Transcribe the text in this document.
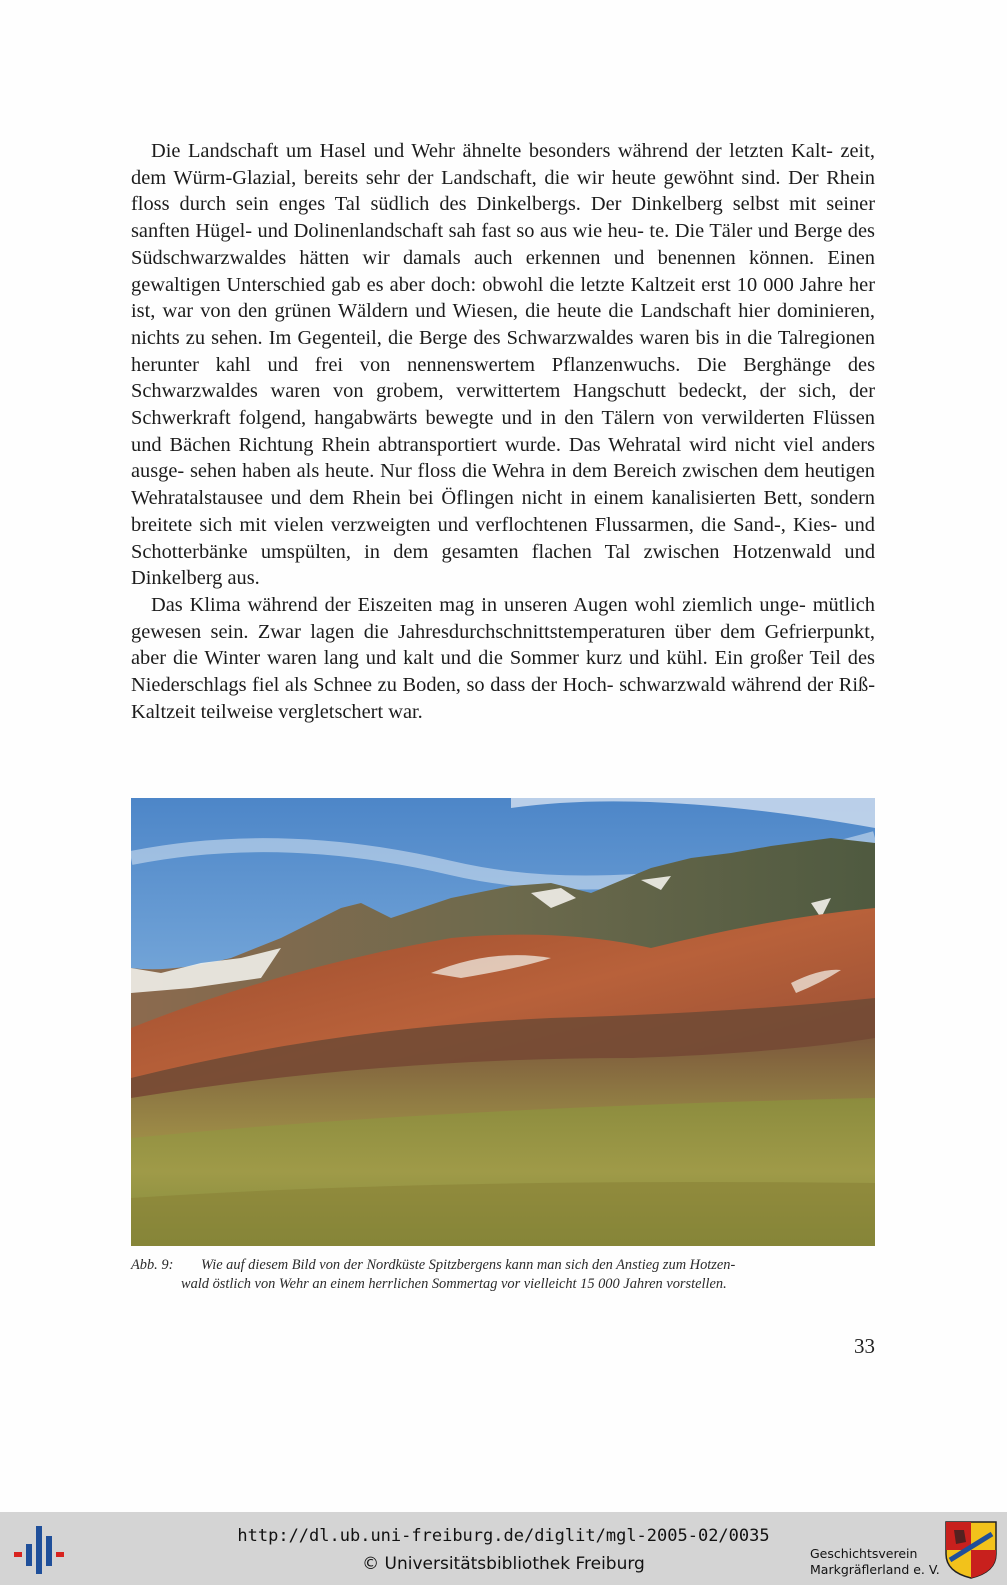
Die Landschaft um Hasel und Wehr ähnelte besonders während der letzten Kalt- zeit, dem Würm-Glazial, bereits sehr der Landschaft, die wir heute gewöhnt sind. Der Rhein floss durch sein enges Tal südlich des Dinkelbergs. Der Dinkelberg selbst mit seiner sanften Hügel- und Dolinenlandschaft sah fast so aus wie heu- te. Die Täler und Berge des Südschwarzwaldes hätten wir damals auch erkennen und benennen können. Einen gewaltigen Unterschied gab es aber doch: obwohl die letzte Kaltzeit erst 10 000 Jahre her ist, war von den grünen Wäldern und Wiesen, die heute die Landschaft hier dominieren, nichts zu sehen. Im Gegenteil, die Berge des Schwarzwaldes waren bis in die Talregionen herunter kahl und frei von nennenswertem Pflanzenwuchs. Die Berghänge des Schwarzwaldes waren von grobem, verwittertem Hangschutt bedeckt, der sich, der Schwerkraft folgend, hangabwärts bewegte und in den Tälern von verwilderten Flüssen und Bächen Richtung Rhein abtransportiert wurde. Das Wehratal wird nicht viel anders ausge- sehen haben als heute. Nur floss die Wehra in dem Bereich zwischen dem heutigen Wehratalstausee und dem Rhein bei Öflingen nicht in einem kanalisierten Bett, sondern breitete sich mit vielen verzweigten und verflochtenen Flussarmen, die Sand-, Kies- und Schotterbänke umspülten, in dem gesamten flachen Tal zwischen Hotzenwald und Dinkelberg aus.

Das Klima während der Eiszeiten mag in unseren Augen wohl ziemlich unge- mütlich gewesen sein. Zwar lagen die Jahresdurchschnittstemperaturen über dem Gefrierpunkt, aber die Winter waren lang und kalt und die Sommer kurz und kühl. Ein großer Teil des Niederschlags fiel als Schnee zu Boden, so dass der Hoch- schwarzwald während der Riß-Kaltzeit teilweise vergletschert war.

Abb. 9: Wie auf diesem Bild von der Nordküste Spitzbergens kann man sich den Anstieg zum Hotzen-
wald östlich von Wehr an einem herrlichen Sommertag vor vielleicht 15 000 Jahren vorstellen.
33
http://dl.ub.uni-freiburg.de/diglit/mgl-2005-02/0035
© Universitätsbibliothek Freiburg
Geschichtsverein
Markgräflerland e. V.
